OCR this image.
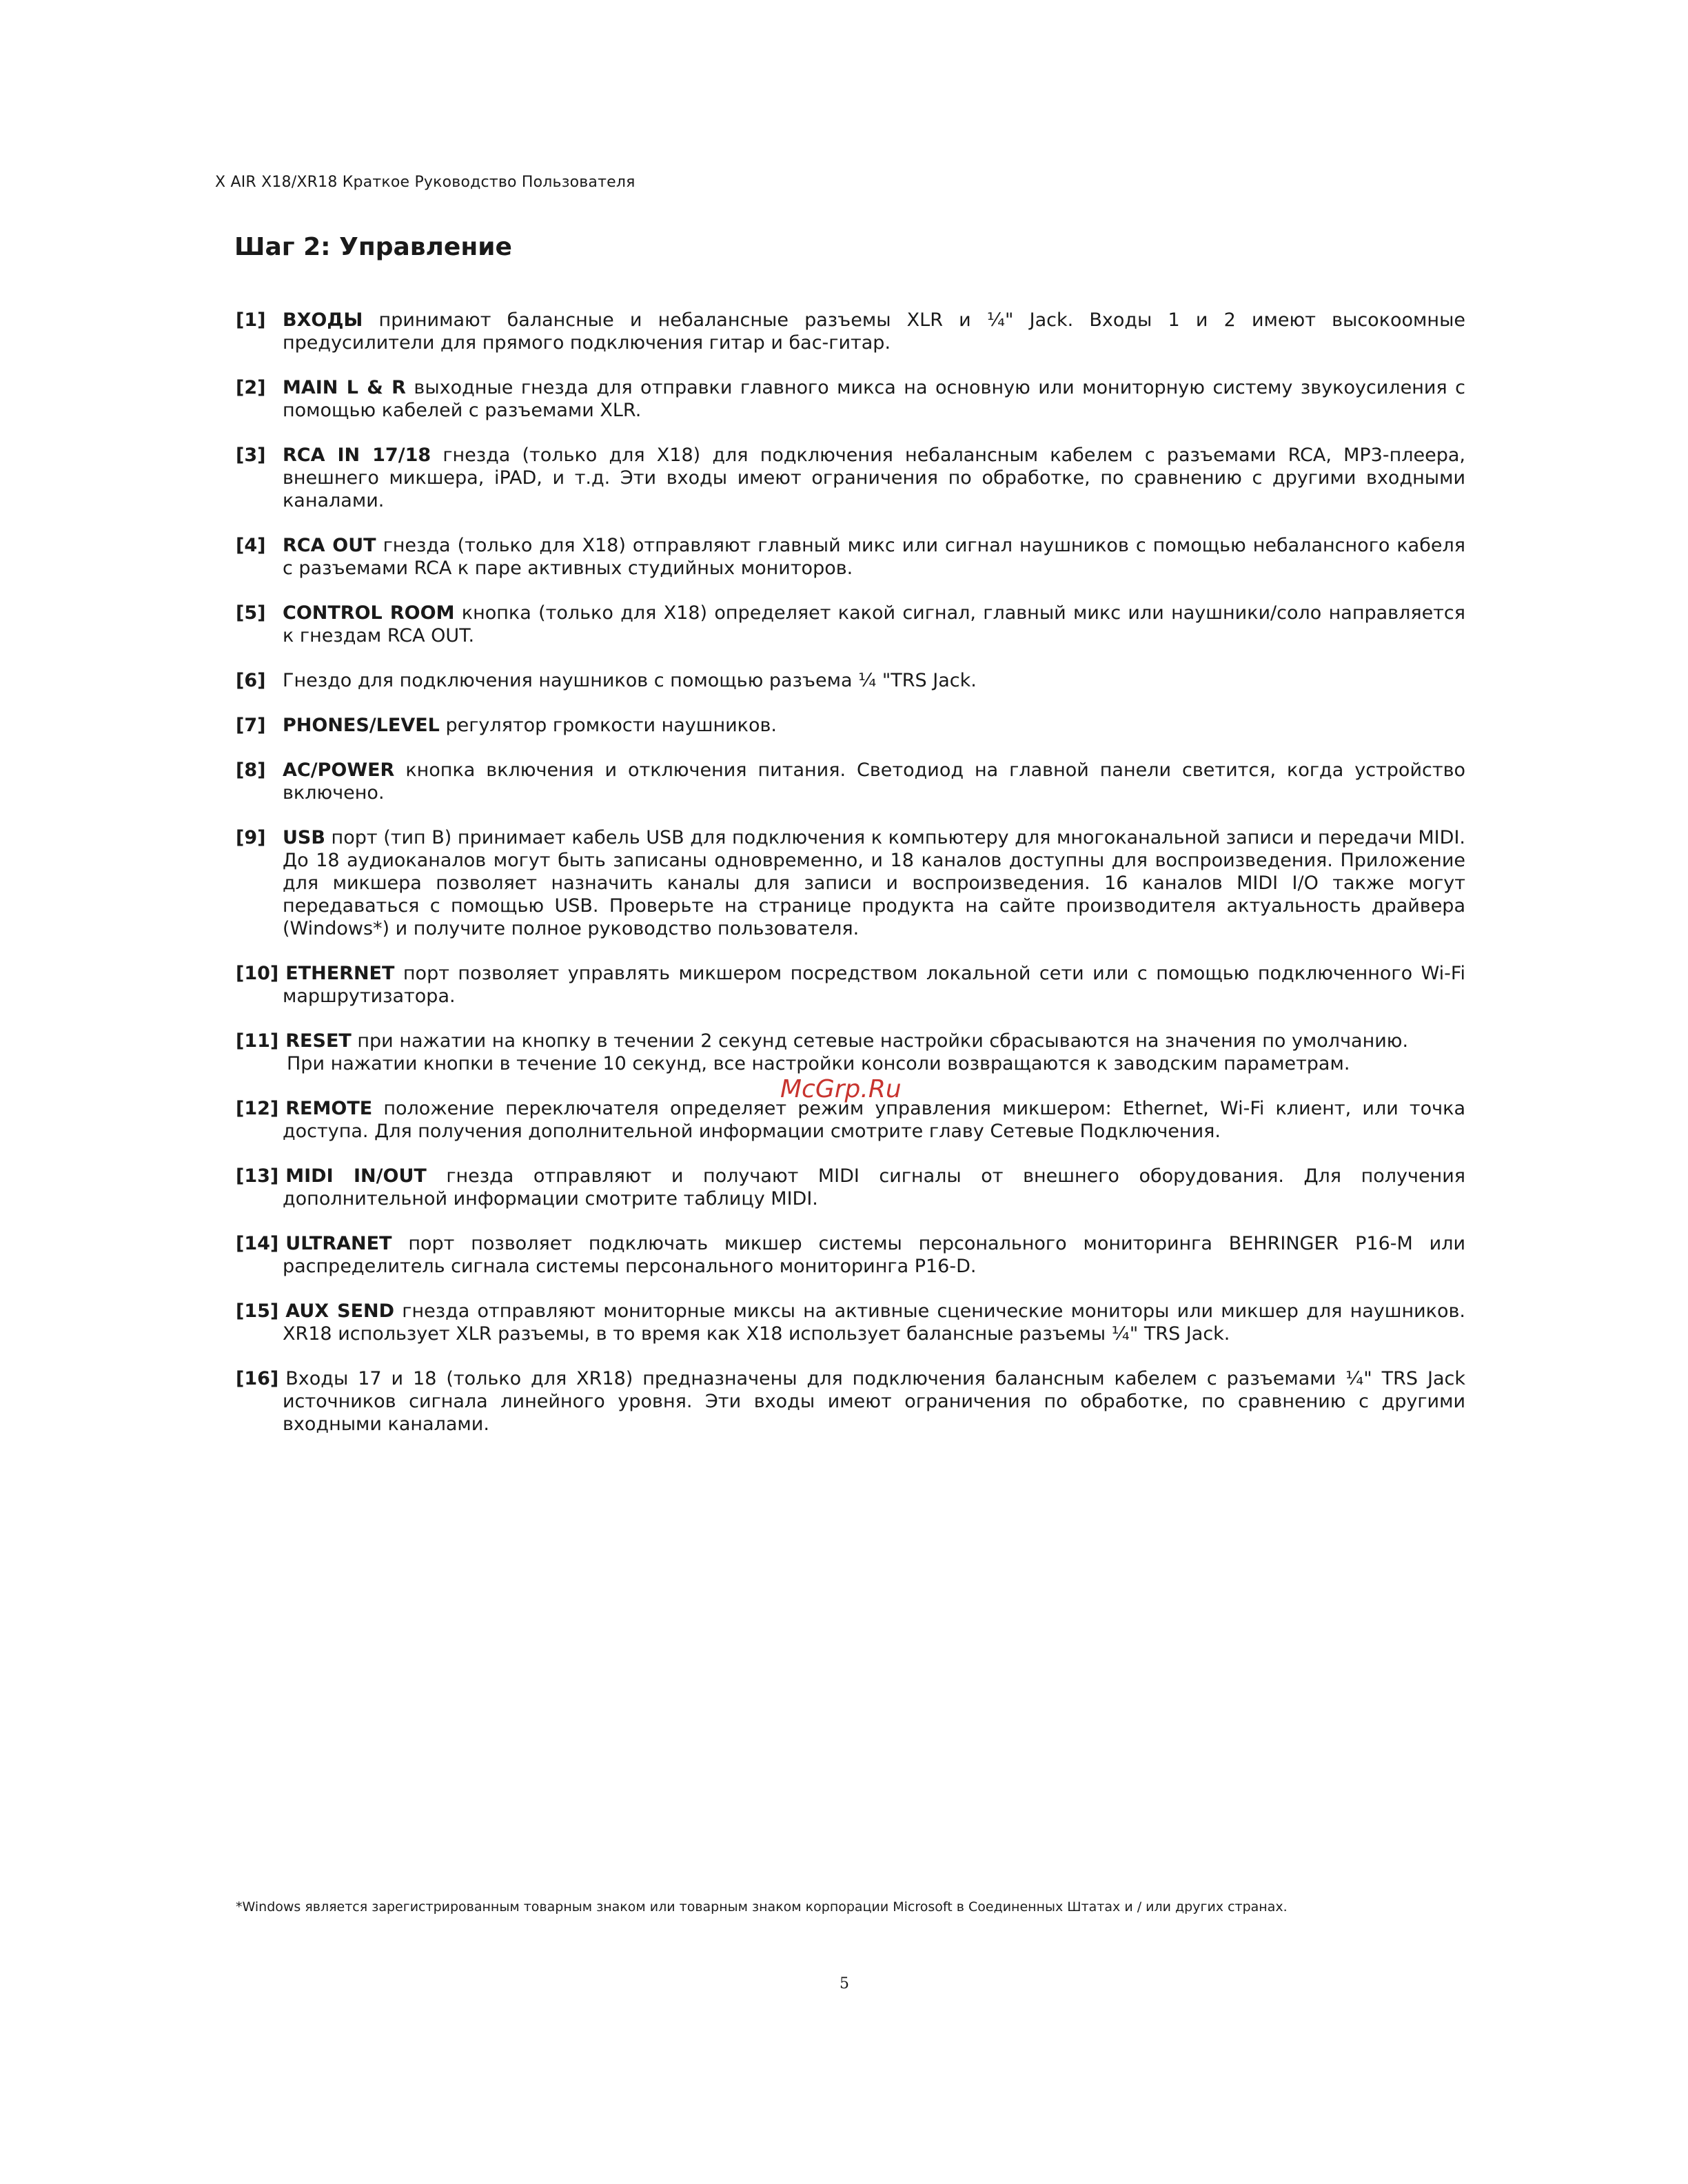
X AIR X18/XR18 Краткое Руководство Пользователя
Шаг 2: Управление
[1] ВХОДЫ принимают балансные и небалансные разъемы XLR и ¼" Jack. Входы 1 и 2 имеют высокоомные предусилители для прямого подключения гитар и бас-гитар.
[2] MAIN L & R выходные гнезда для отправки главного микса на основную или мониторную систему звукоусиления с помощью кабелей с разъемами XLR.
[3] RCA IN 17/18 гнезда (только для X18) для подключения небалансным кабелем с разъемами RCA, MP3-плеера, внешнего микшера, iPAD, и т.д. Эти входы имеют ограничения по обработке, по сравнению с другими входными каналами.
[4] RCA OUT гнезда (только для X18) отправляют главный микс или сигнал наушников с помощью небалансного кабеля с разъемами RCA к паре активных студийных мониторов.
[5] CONTROL ROOM кнопка (только для X18) определяет какой сигнал, главный микс или наушники/соло направляется к гнездам RCA OUT.
[6] Гнездо для подключения наушников с помощью разъема ¼ "TRS Jack.
[7] PHONES/LEVEL регулятор громкости наушников.
[8] AC/POWER кнопка включения и отключения питания. Светодиод на главной панели светится, когда устройство включено.
[9] USB порт (тип B) принимает кабель USB для подключения к компьютеру для многоканальной записи и передачи MIDI. До 18 аудиоканалов могут быть записаны одновременно, и 18 каналов доступны для воспроизведения. Приложение для микшера позволяет назначить каналы для записи и воспроизведения. 16 каналов MIDI I/O также могут передаваться с помощью USB. Проверьте на странице продукта на сайте производителя актуальность драйвера (Windows*) и получите полное руководство пользователя.
[10] ETHERNET порт позволяет управлять микшером посредством локальной сети или с помощью подключенного Wi-Fi маршрутизатора.
[11] RESET при нажатии на кнопку в течении 2 секунд сетевые настройки сбрасываются на значения по умолчанию.
При нажатии кнопки в течение 10 секунд, все настройки консоли возвращаются к заводским параметрам.
[12] REMOTE положение переключателя определяет режим управления микшером: Ethernet, Wi-Fi клиент, или точка доступа. Для получения дополнительной информации смотрите главу Сетевые Подключения.
[13] MIDI IN/OUT гнезда отправляют и получают MIDI сигналы от внешнего оборудования. Для получения дополнительной информации смотрите таблицу MIDI.
[14] ULTRANET порт позволяет подключать микшер системы персонального мониторинга BEHRINGER P16-M или распределитель сигнала системы персонального мониторинга P16-D.
[15] AUX SEND гнезда отправляют мониторные миксы на активные сценические мониторы или микшер для наушников. XR18 использует XLR разъемы, в то время как X18 использует балансные разъемы ¼" TRS Jack.
[16] Входы 17 и 18 (только для XR18) предназначены для подключения балансным кабелем с разъемами ¼" TRS Jack источников сигнала линейного уровня. Эти входы имеют ограничения по обработке, по сравнению с другими входными каналами.
McGrp.Ru
*Windows является зарегистрированным товарным знаком или товарным знаком корпорации Microsoft в Соединенных Штатах и / или других странах.
5
